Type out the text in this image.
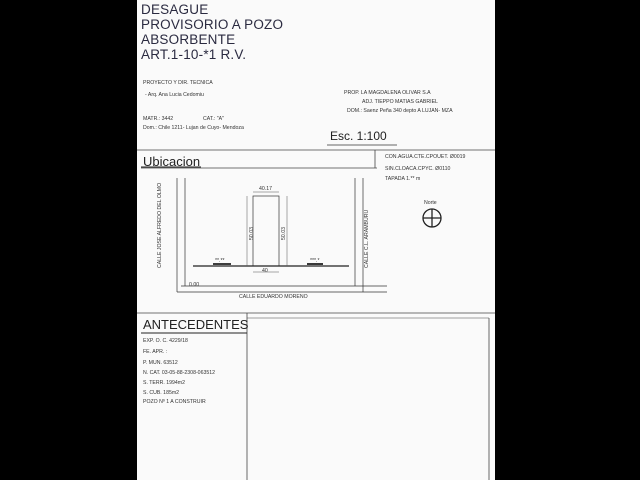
DESAGUE
PROVISORIO A POZO
ABSORBENTE
ART.1-10-*1 R.V.
PROYECTO Y DIR. TECNICA
- Arq. Ana Lucia Cedomiu
MATR.: 3442	CAT.: "A"
Dom.: Chile 1211- Lujan de Cuyo- Mendoza
PROP. LA MAGDALENA OLIVAR S.A
ADJ. TIEPPO MATIAS GABRIEL
DOM.: Saenz Peña 340 depto A LUJAN- MZA
Esc. 1:100
Ubicacion	CON.AGUA.CTE.CPOUET. Ø0019
SIN.CLOACA.CPYC. Ø0110
TAPADA 1.** m
Norte
CALLE JOSE ALFREDO DEL OLMO	CALLE C.L. ARAMBURU
CALLE EDUARDO MORENO
40.17
50.03	50.03
40
0.00
**.**	***.*
ANTECEDENTES
EXP. O. C. 4229/18
FE. APR. :
P. MUN. 63512
N. CAT. 03-05-88-2308-063512
S. TERR. 1994m2
S. CUB. 185m2
POZO Nº 1 A CONSTRUIR
